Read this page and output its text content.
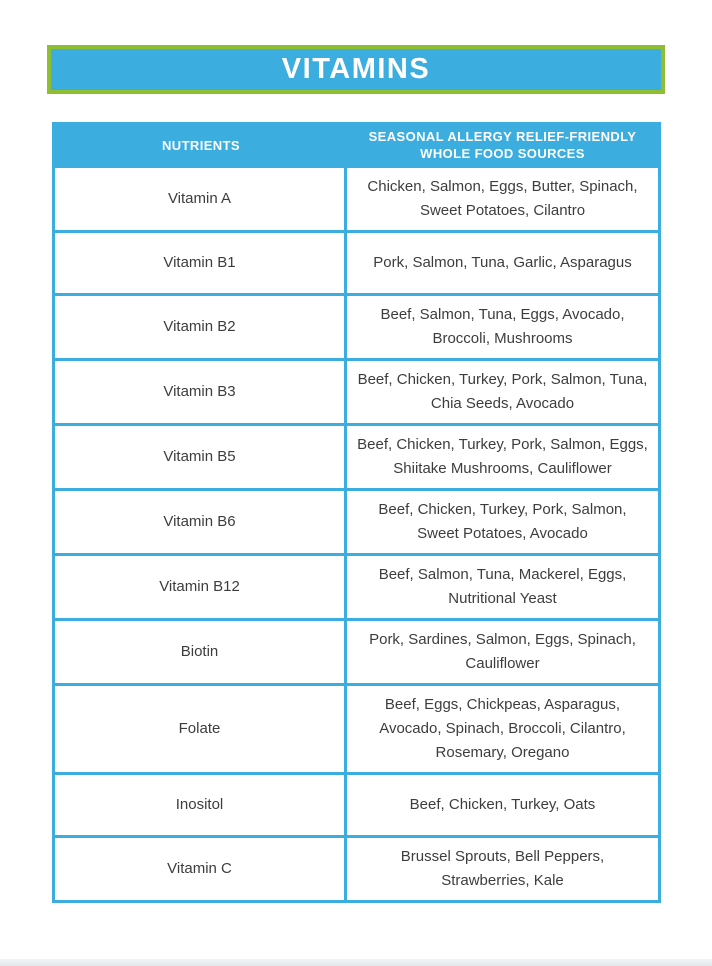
VITAMINS
NUTRIENTS
SEASONAL ALLERGY RELIEF-FRIENDLY WHOLE FOOD SOURCES
Vitamin A
Chicken, Salmon, Eggs, Butter, Spinach, Sweet Potatoes, Cilantro
Vitamin B1	Pork, Salmon, Tuna, Garlic, Asparagus
Vitamin B2
Beef, Salmon, Tuna, Eggs, Avocado, Broccoli, Mushrooms
Vitamin B3
Beef, Chicken, Turkey, Pork, Salmon, Tuna, Chia Seeds, Avocado
Vitamin B5
Beef, Chicken, Turkey, Pork, Salmon, Eggs, Shiitake Mushrooms, Cauliflower
Vitamin B6
Beef, Chicken, Turkey, Pork, Salmon, Sweet Potatoes, Avocado
Vitamin B12
Beef, Salmon, Tuna, Mackerel, Eggs, Nutritional Yeast
Biotin
Pork, Sardines, Salmon, Eggs, Spinach, Cauliflower
Folate
Beef, Eggs, Chickpeas, Asparagus, Avocado, Spinach, Broccoli, Cilantro, Rosemary, Oregano
Inositol	Beef, Chicken, Turkey, Oats
Vitamin C
Brussel Sprouts, Bell Peppers, Strawberries, Kale
